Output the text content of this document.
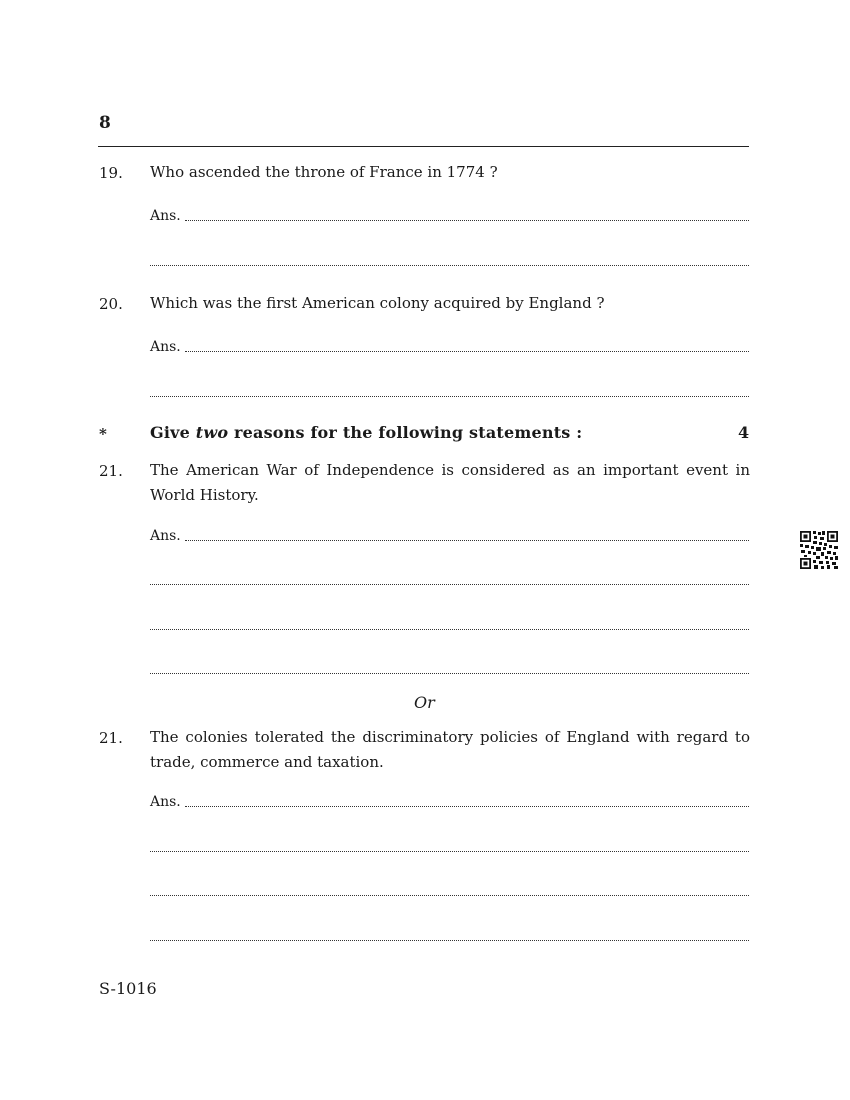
8
19. Who ascended the throne of France in 1774 ?
Ans.
20. Which was the first American colony acquired by England ?
Ans.
*	Give two reasons for the following statements :	4
21. The American War of Independence is considered as an important event in World History.
Ans.
Or
21. The colonies tolerated the discriminatory policies of England with regard to trade, commerce and taxation.
Ans.
S-1016
